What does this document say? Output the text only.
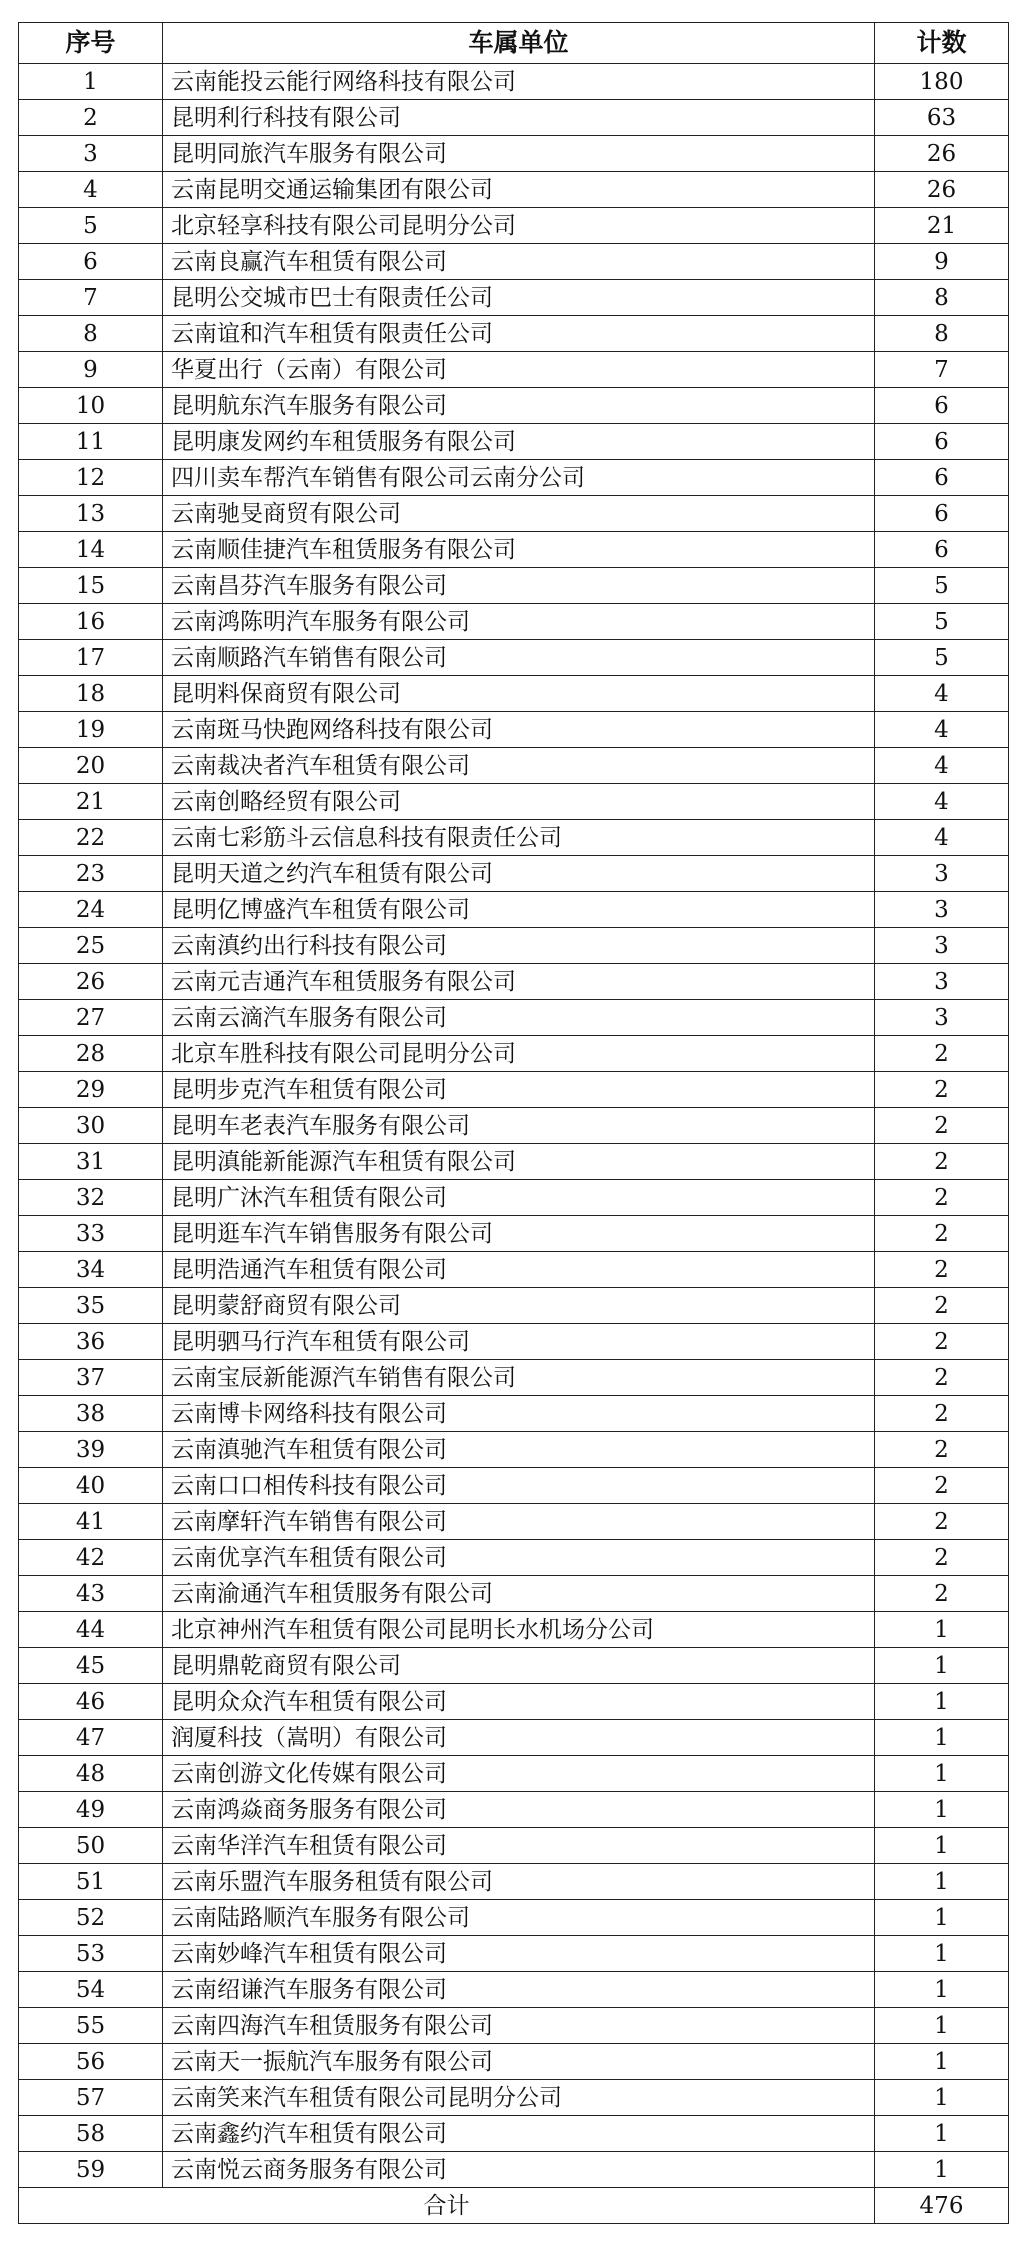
序号	车属单位	计数
1	云南能投云能行网络科技有限公司	180
2	昆明利行科技有限公司	63
3	昆明同旅汽车服务有限公司	26
4	云南昆明交通运输集团有限公司	26
5	北京轻享科技有限公司昆明分公司	21
6	云南良赢汽车租赁有限公司	9
7	昆明公交城市巴士有限责任公司	8
8	云南谊和汽车租赁有限责任公司	8
9	华夏出行（云南）有限公司	7
10	昆明航东汽车服务有限公司	6
11	昆明康发网约车租赁服务有限公司	6
12	四川卖车帮汽车销售有限公司云南分公司	6
13	云南驰旻商贸有限公司	6
14	云南顺佳捷汽车租赁服务有限公司	6
15	云南昌芬汽车服务有限公司	5
16	云南鸿陈明汽车服务有限公司	5
17	云南顺路汽车销售有限公司	5
18	昆明料保商贸有限公司	4
19	云南斑马快跑网络科技有限公司	4
20	云南裁决者汽车租赁有限公司	4
21	云南创略经贸有限公司	4
22	云南七彩筋斗云信息科技有限责任公司	4
23	昆明天道之约汽车租赁有限公司	3
24	昆明亿博盛汽车租赁有限公司	3
25	云南滇约出行科技有限公司	3
26	云南元吉通汽车租赁服务有限公司	3
27	云南云滴汽车服务有限公司	3
28	北京车胜科技有限公司昆明分公司	2
29	昆明步克汽车租赁有限公司	2
30	昆明车老表汽车服务有限公司	2
31	昆明滇能新能源汽车租赁有限公司	2
32	昆明广沐汽车租赁有限公司	2
33	昆明逛车汽车销售服务有限公司	2
34	昆明浩通汽车租赁有限公司	2
35	昆明蒙舒商贸有限公司	2
36	昆明驷马行汽车租赁有限公司	2
37	云南宝辰新能源汽车销售有限公司	2
38	云南博卡网络科技有限公司	2
39	云南滇驰汽车租赁有限公司	2
40	云南口口相传科技有限公司	2
41	云南摩轩汽车销售有限公司	2
42	云南优享汽车租赁有限公司	2
43	云南渝通汽车租赁服务有限公司	2
44	北京神州汽车租赁有限公司昆明长水机场分公司	1
45	昆明鼎乾商贸有限公司	1
46	昆明众众汽车租赁有限公司	1
47	润厦科技（嵩明）有限公司	1
48	云南创游文化传媒有限公司	1
49	云南鸿焱商务服务有限公司	1
50	云南华洋汽车租赁有限公司	1
51	云南乐盟汽车服务租赁有限公司	1
52	云南陆路顺汽车服务有限公司	1
53	云南妙峰汽车租赁有限公司	1
54	云南绍谦汽车服务有限公司	1
55	云南四海汽车租赁服务有限公司	1
56	云南天一振航汽车服务有限公司	1
57	云南笑来汽车租赁有限公司昆明分公司	1
58	云南鑫约汽车租赁有限公司	1
59	云南悦云商务服务有限公司	1
合计		476
